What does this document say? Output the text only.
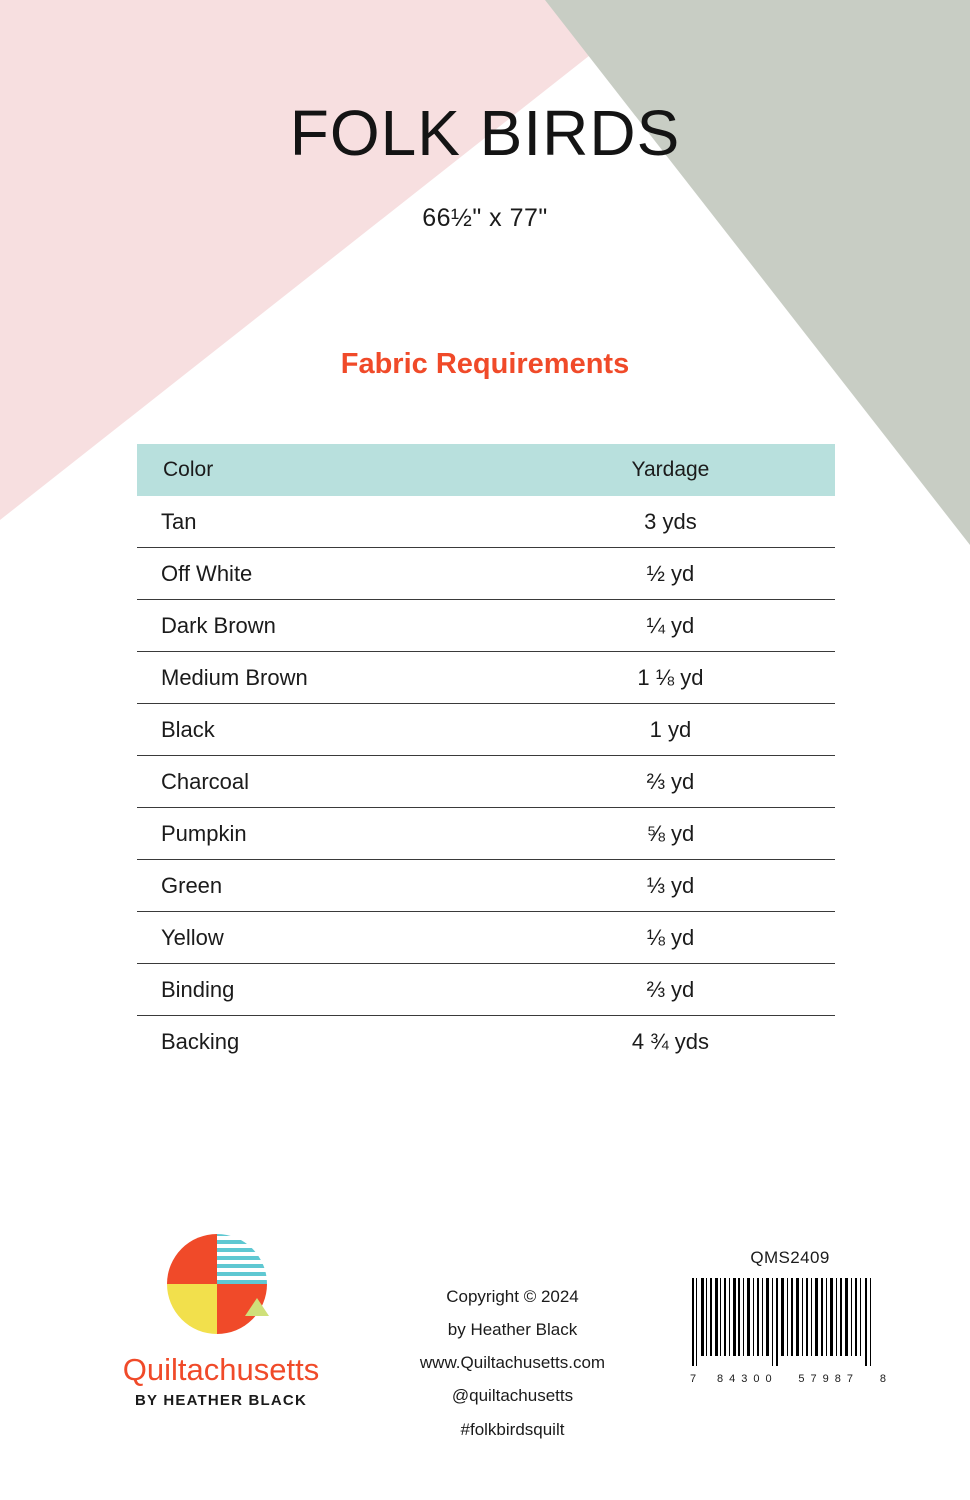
FOLK BIRDS
66½" x 77"
Fabric Requirements
Color	Yardage
Tan	3 yds
Off White	½ yd
Dark Brown	¼ yd
Medium Brown	1 ⅛ yd
Black	1 yd
Charcoal	⅔ yd
Pumpkin	⅝ yd
Green	⅓ yd
Yellow	⅛ yd
Binding	⅔ yd
Backing	4 ¾ yds
Quiltachusetts
BY HEATHER BLACK
Copyright © 2024
by Heather Black
www.Quiltachusetts.com
@quiltachusetts
#folkbirdsquilt
QMS2409
7 84300 57987 8
